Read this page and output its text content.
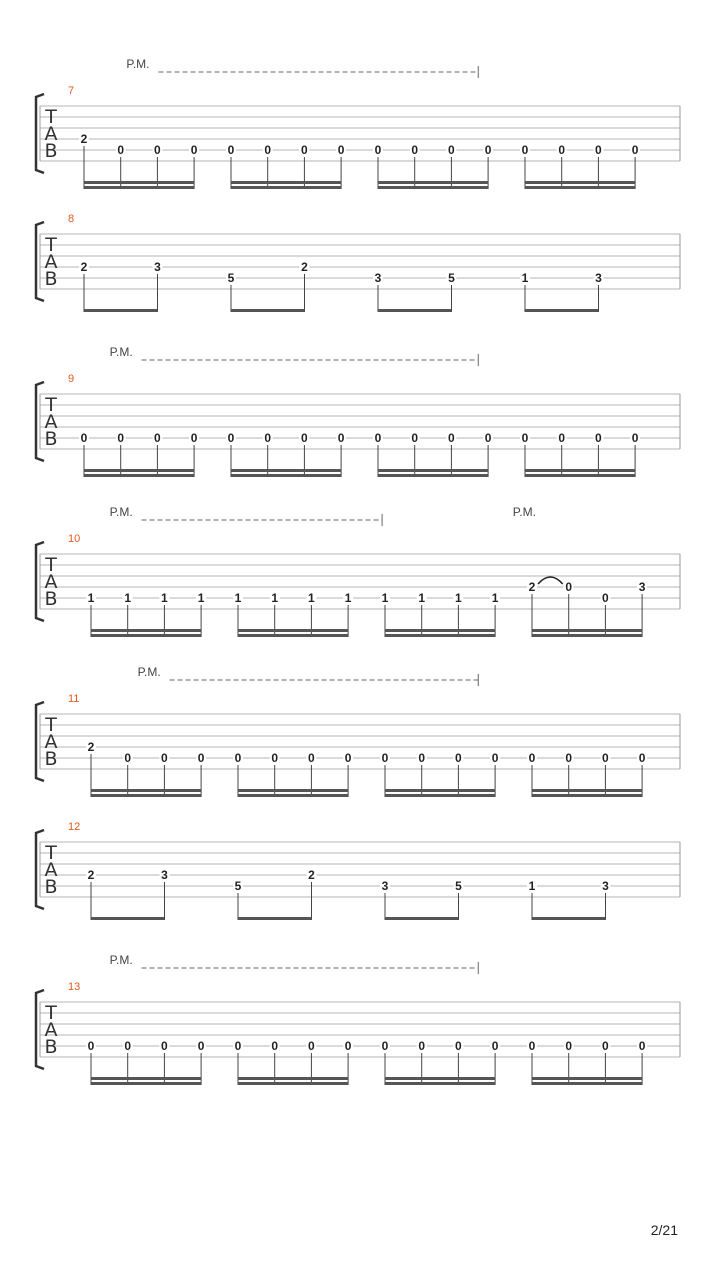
T
A
B
7
P.M.
2
0	0	0	0	0	0	0	0	0	0	0	0	0	0	0
T
A
B
8
2	3
5
2
3	5	1	3
T
A
B
9
P.M.
0	0	0	0	0	0	0	0	0	0	0	0	0	0	0	0
T
A
B
10
P.M.	P.M.
1	1	1	1	1	1	1	1	1	1	1	1
2	0
0
3
T
A
B
11
P.M.
2
0	0	0	0	0	0	0	0	0	0	0	0	0	0	0
T
A
B
12
2	3
5
2
3	5	1	3
T
A
B
13
P.M.
0	0	0	0	0	0	0	0	0	0	0	0	0	0	0	0
2/21
